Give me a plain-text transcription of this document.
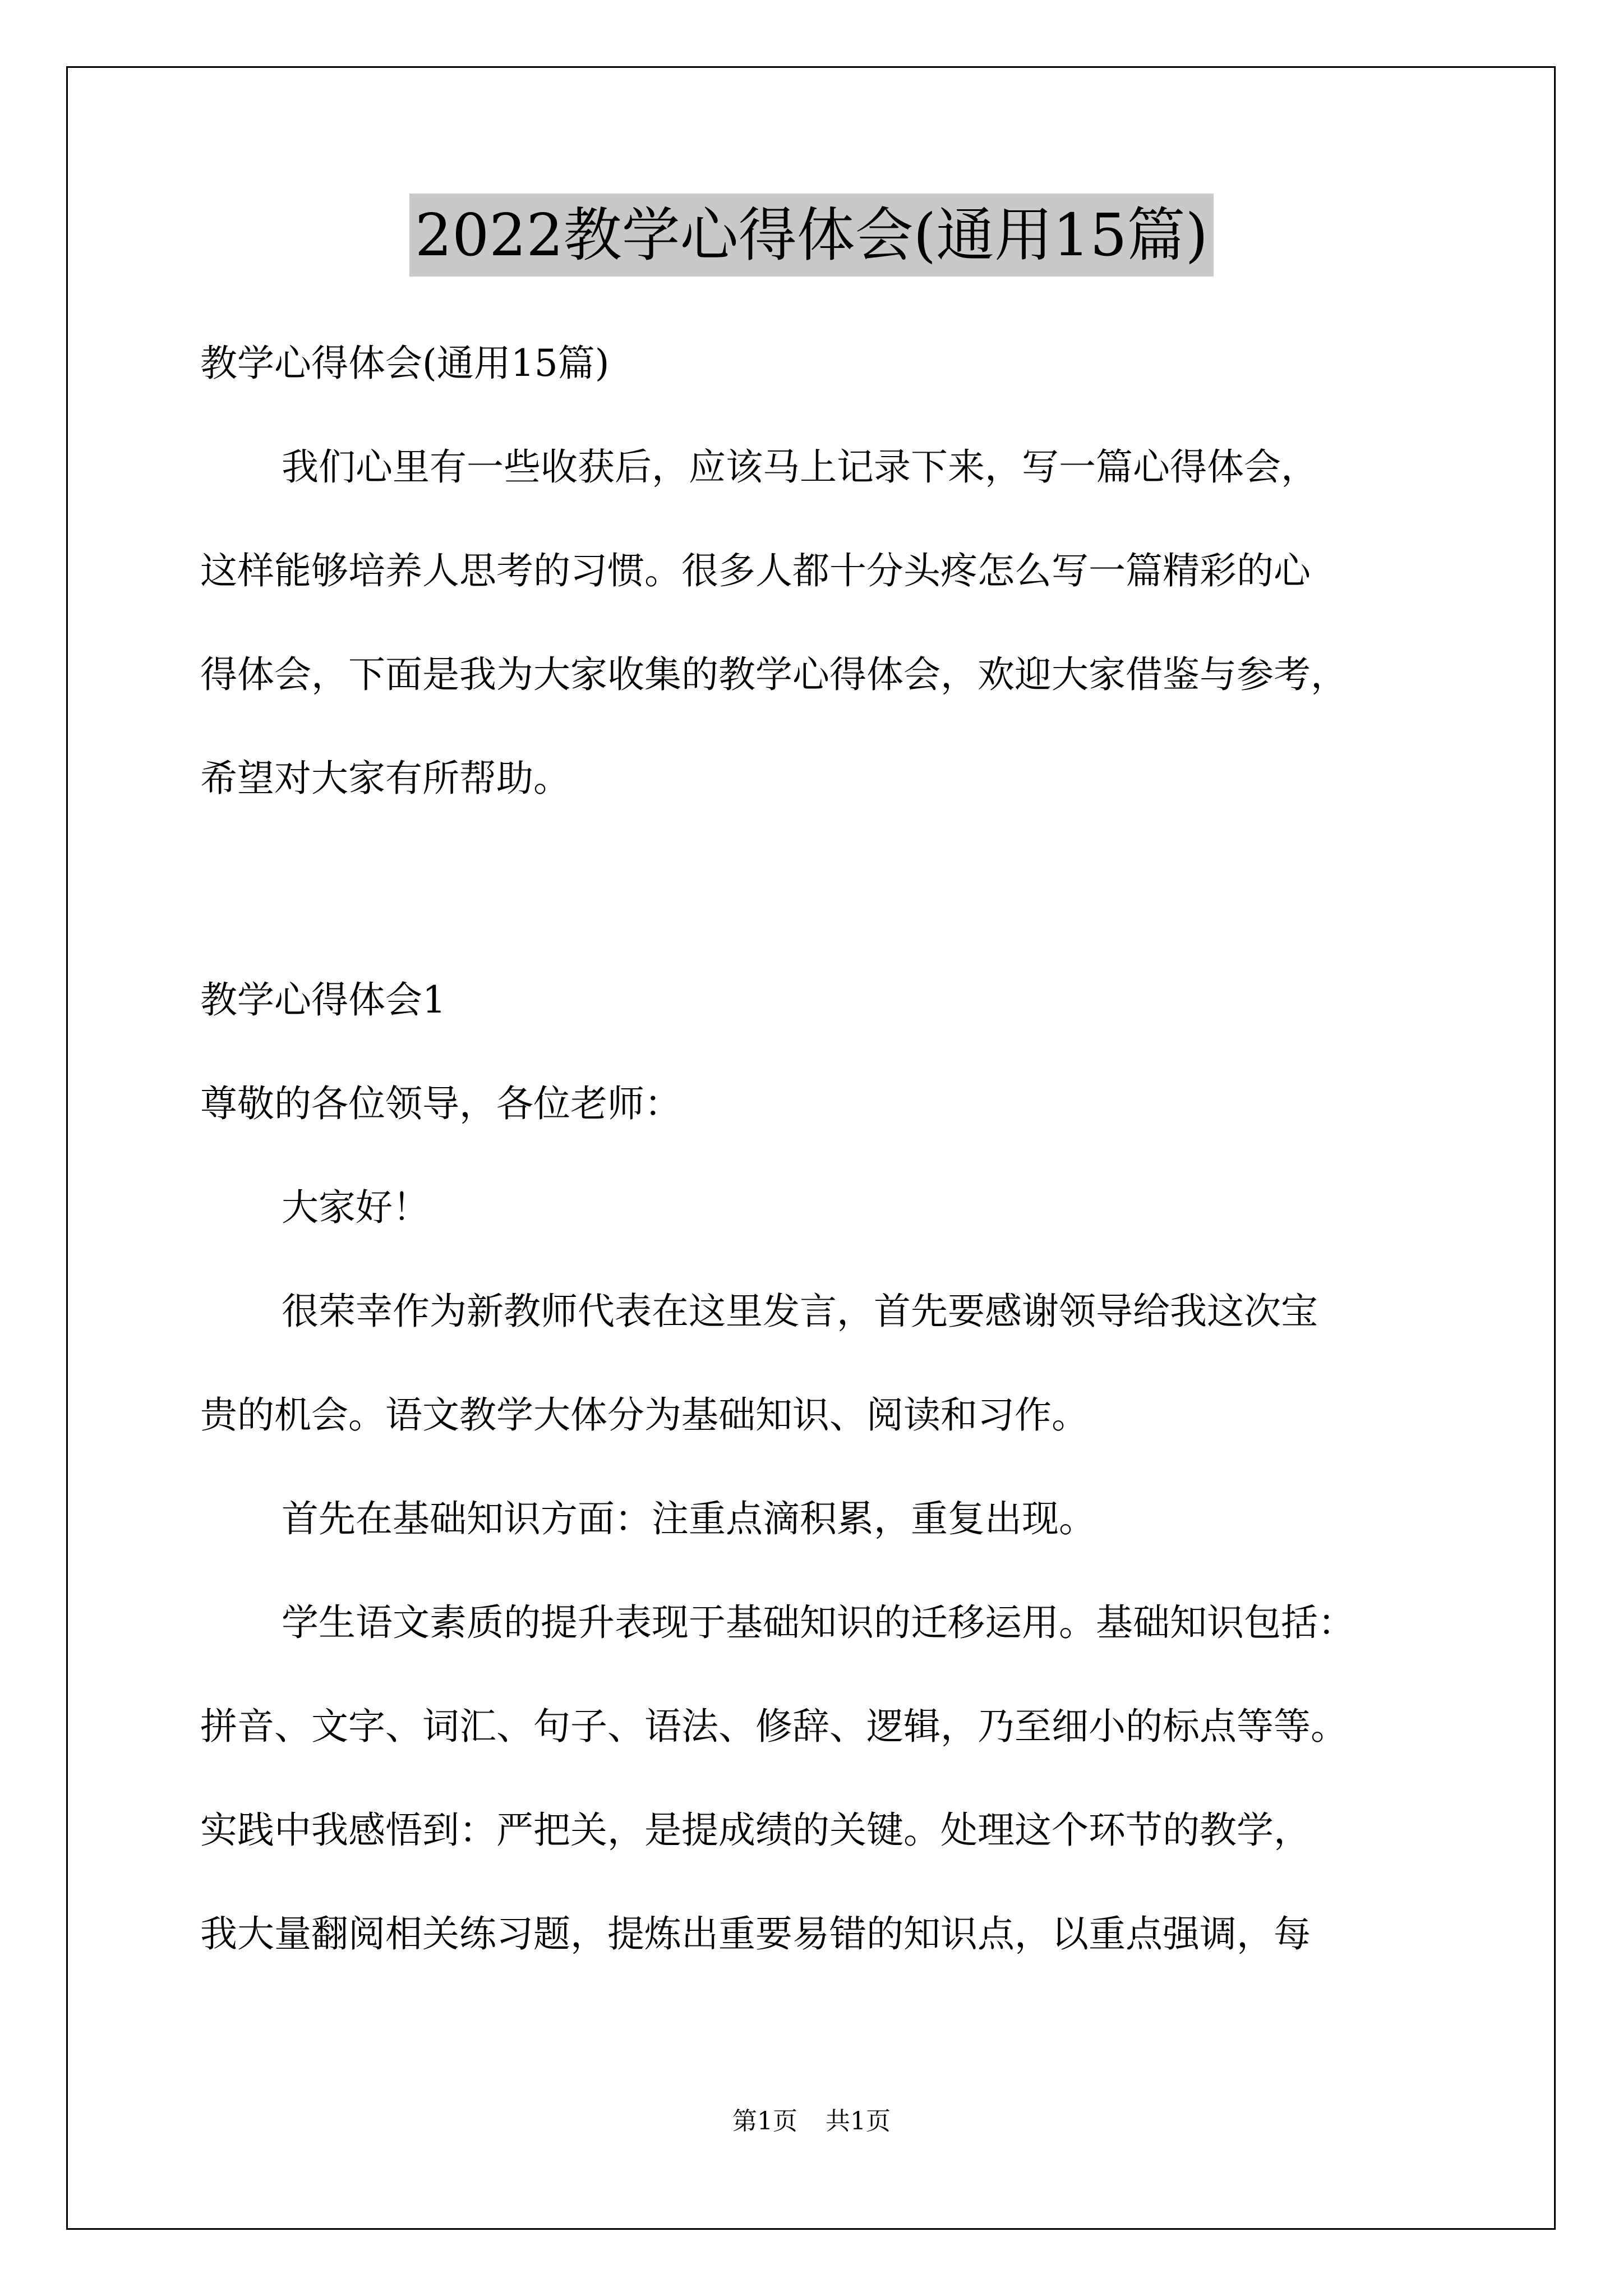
2022教学心得体会(通用15篇)

教学心得体会(通用15篇)

我们心里有一些收获后，应该马上记录下来，写一篇心得体会，

这样能够培养人思考的习惯。很多人都十分头疼怎么写一篇精彩的心

得体会，下面是我为大家收集的教学心得体会，欢迎大家借鉴与参考，

希望对大家有所帮助。

教学心得体会1

尊敬的各位领导，各位老师：

大家好！

很荣幸作为新教师代表在这里发言，首先要感谢领导给我这次宝

贵的机会。语文教学大体分为基础知识、阅读和习作。

首先在基础知识方面：注重点滴积累，重复出现。

学生语文素质的提升表现于基础知识的迁移运用。基础知识包括：

拼音、文字、词汇、句子、语法、修辞、逻辑，乃至细小的标点等等。

实践中我感悟到：严把关，是提成绩的关键。处理这个环节的教学，

我大量翻阅相关练习题，提炼出重要易错的知识点，以重点强调，每

第1页 共1页
